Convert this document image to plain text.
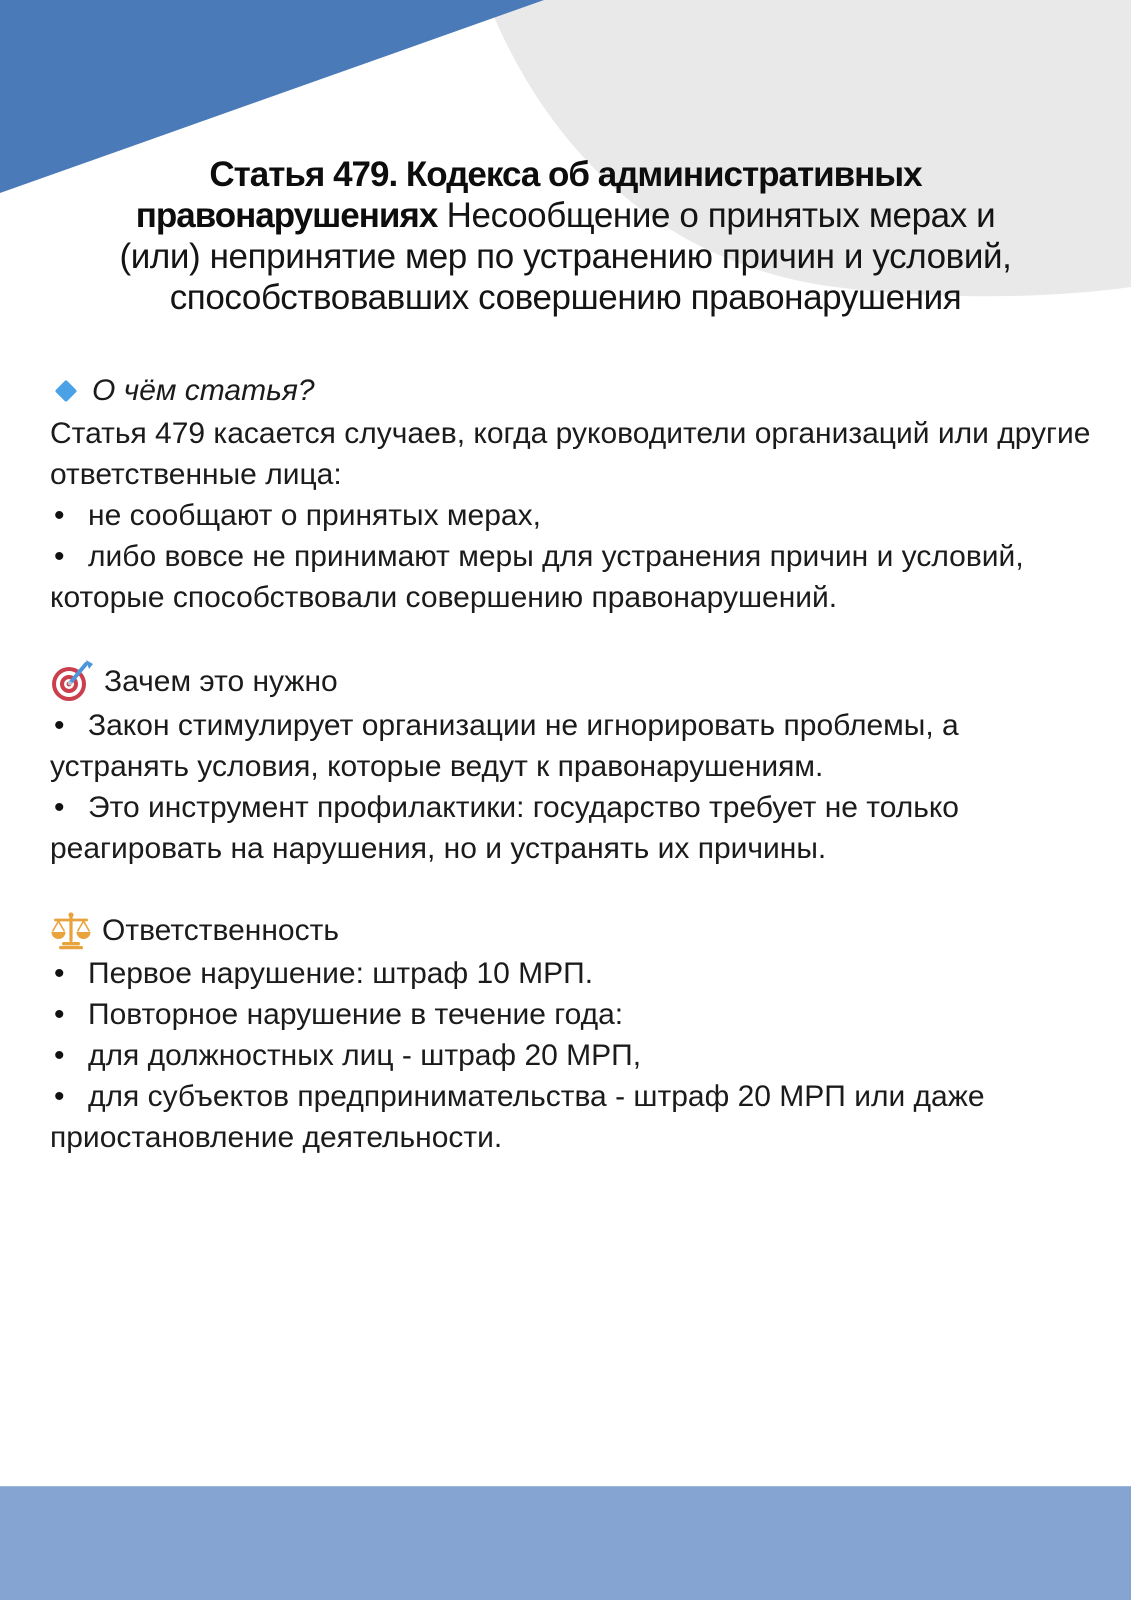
Статья 479. Кодекса об административных
правонарушениях Несообщение о принятых мерах и
(или) непринятие мер по устранению причин и условий,
способствовавших совершению правонарушения
О чём статья?

Статья 479 касается случаев, когда руководители организаций или другие ответственные лица:

• не сообщают о принятых мерах,

• либо вовсе не принимают меры для устранения причин и условий, которые способствовали совершению правонарушений.

Зачем это нужно

• Закон стимулирует организации не игнорировать проблемы, а устранять условия, которые ведут к правонарушениям.

• Это инструмент профилактики: государство требует не только реагировать на нарушения, но и устранять их причины.

Ответственность

• Первое нарушение: штраф 10 МРП.

• Повторное нарушение в течение года:

• для должностных лиц - штраф 20 МРП,

• для субъектов предпринимательства - штраф 20 МРП или даже приостановление деятельности.
